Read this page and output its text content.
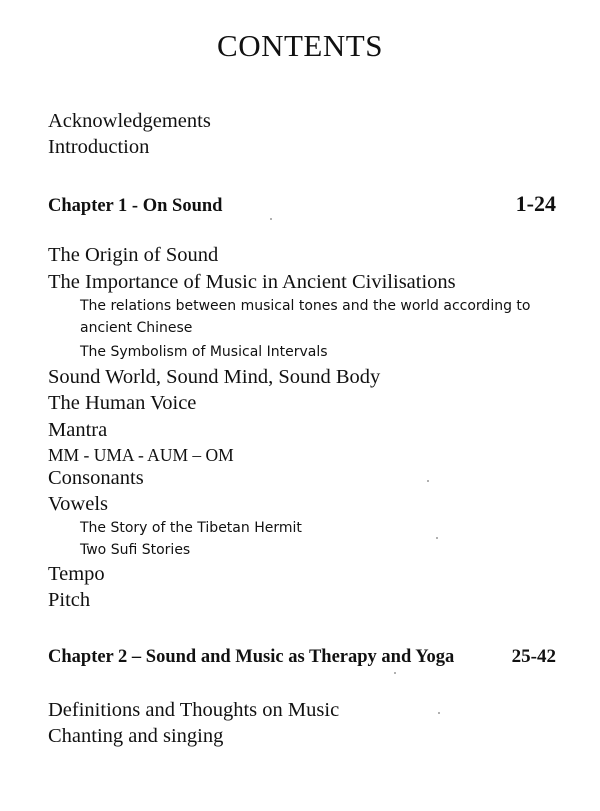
CONTENTS
Acknowledgements
Introduction
Chapter 1 - On Sound	1-24
The Origin of Sound
The Importance of Music in Ancient Civilisations
The relations between musical tones and the world according to
ancient Chinese
The Symbolism of Musical Intervals
Sound World, Sound Mind, Sound Body
The Human Voice
Mantra
MM - UMA - AUM – OM
Consonants
Vowels
The Story of the Tibetan Hermit
Two Sufi Stories
Tempo
Pitch
Chapter 2 – Sound and Music as Therapy and Yoga	25-42
Definitions and Thoughts on Music
Chanting and singing
